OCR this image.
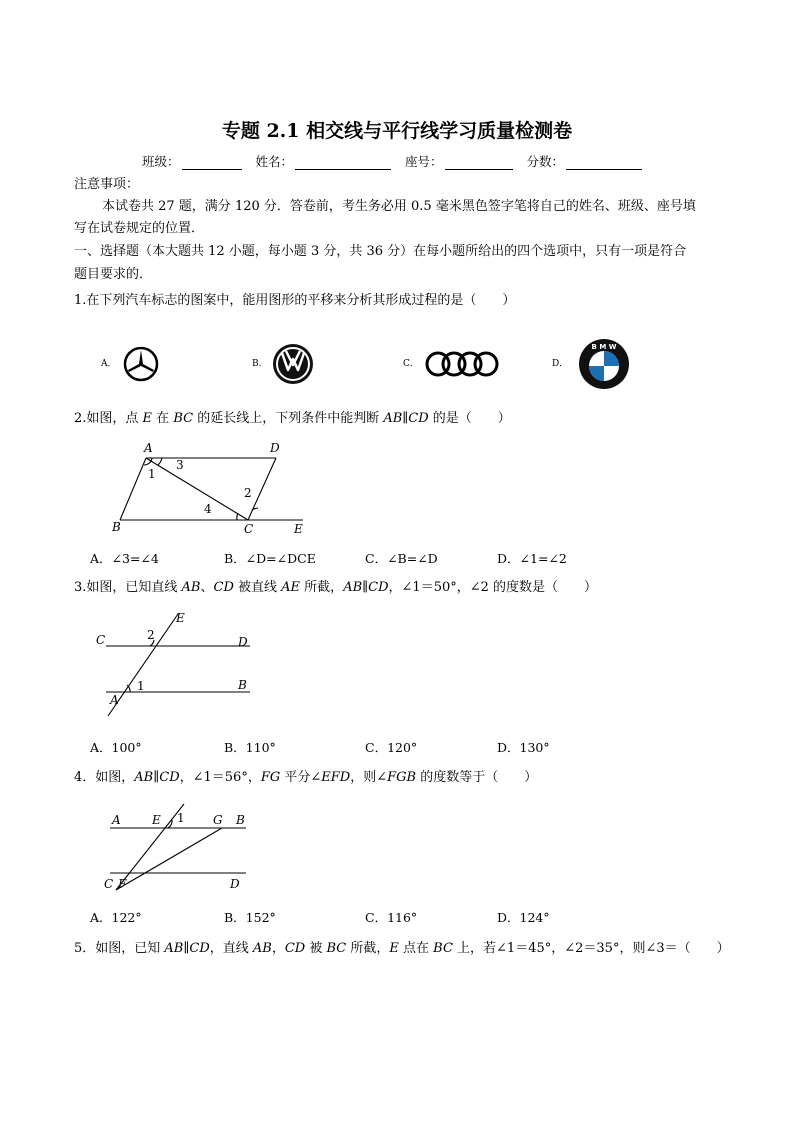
专题 2.1 相交线与平行线学习质量检测卷
班级：	姓名：	座号：	分数：
注意事项：
本试卷共 27 题，满分 120 分．答卷前，考生务必用 0.5 毫米黑色签字笔将自己的姓名、班级、座号填
写在试卷规定的位置．
一、选择题（本大题共 12 小题，每小题 3 分，共 36 分）在每小题所给出的四个选项中，只有一项是符合
题目要求的．
1.在下列汽车标志的图案中，能用图形的平移来分析其形成过程的是（　　）
A．	B．	C．	D．
B M W
2.如图，点 E 在 BC 的延长线上，下列条件中能判断 AB∥CD 的是（　　）
A	D
B	C	E
1
2
3
4
A．∠3=∠4	B．∠D=∠DCE	C．∠B=∠D	D．∠1=∠2
3.如图，已知直线 AB、CD 被直线 AE 所截，AB∥CD，∠1＝50°，∠2 的度数是（　　）
C	D
E
B
A
1
2
A．100°	B．110°	C．120°	D．130°
4．如图，AB∥CD，∠1＝56°，FG 平分∠EFD，则∠FGB 的度数等于（　　）
A	E 1 G B
C F	D
A．122°	B．152°	C．116°	D．124°
5．如图，已知 AB∥CD，直线 AB，CD 被 BC 所截，E 点在 BC 上，若∠1＝45°，∠2＝35°，则∠3＝（　　）
